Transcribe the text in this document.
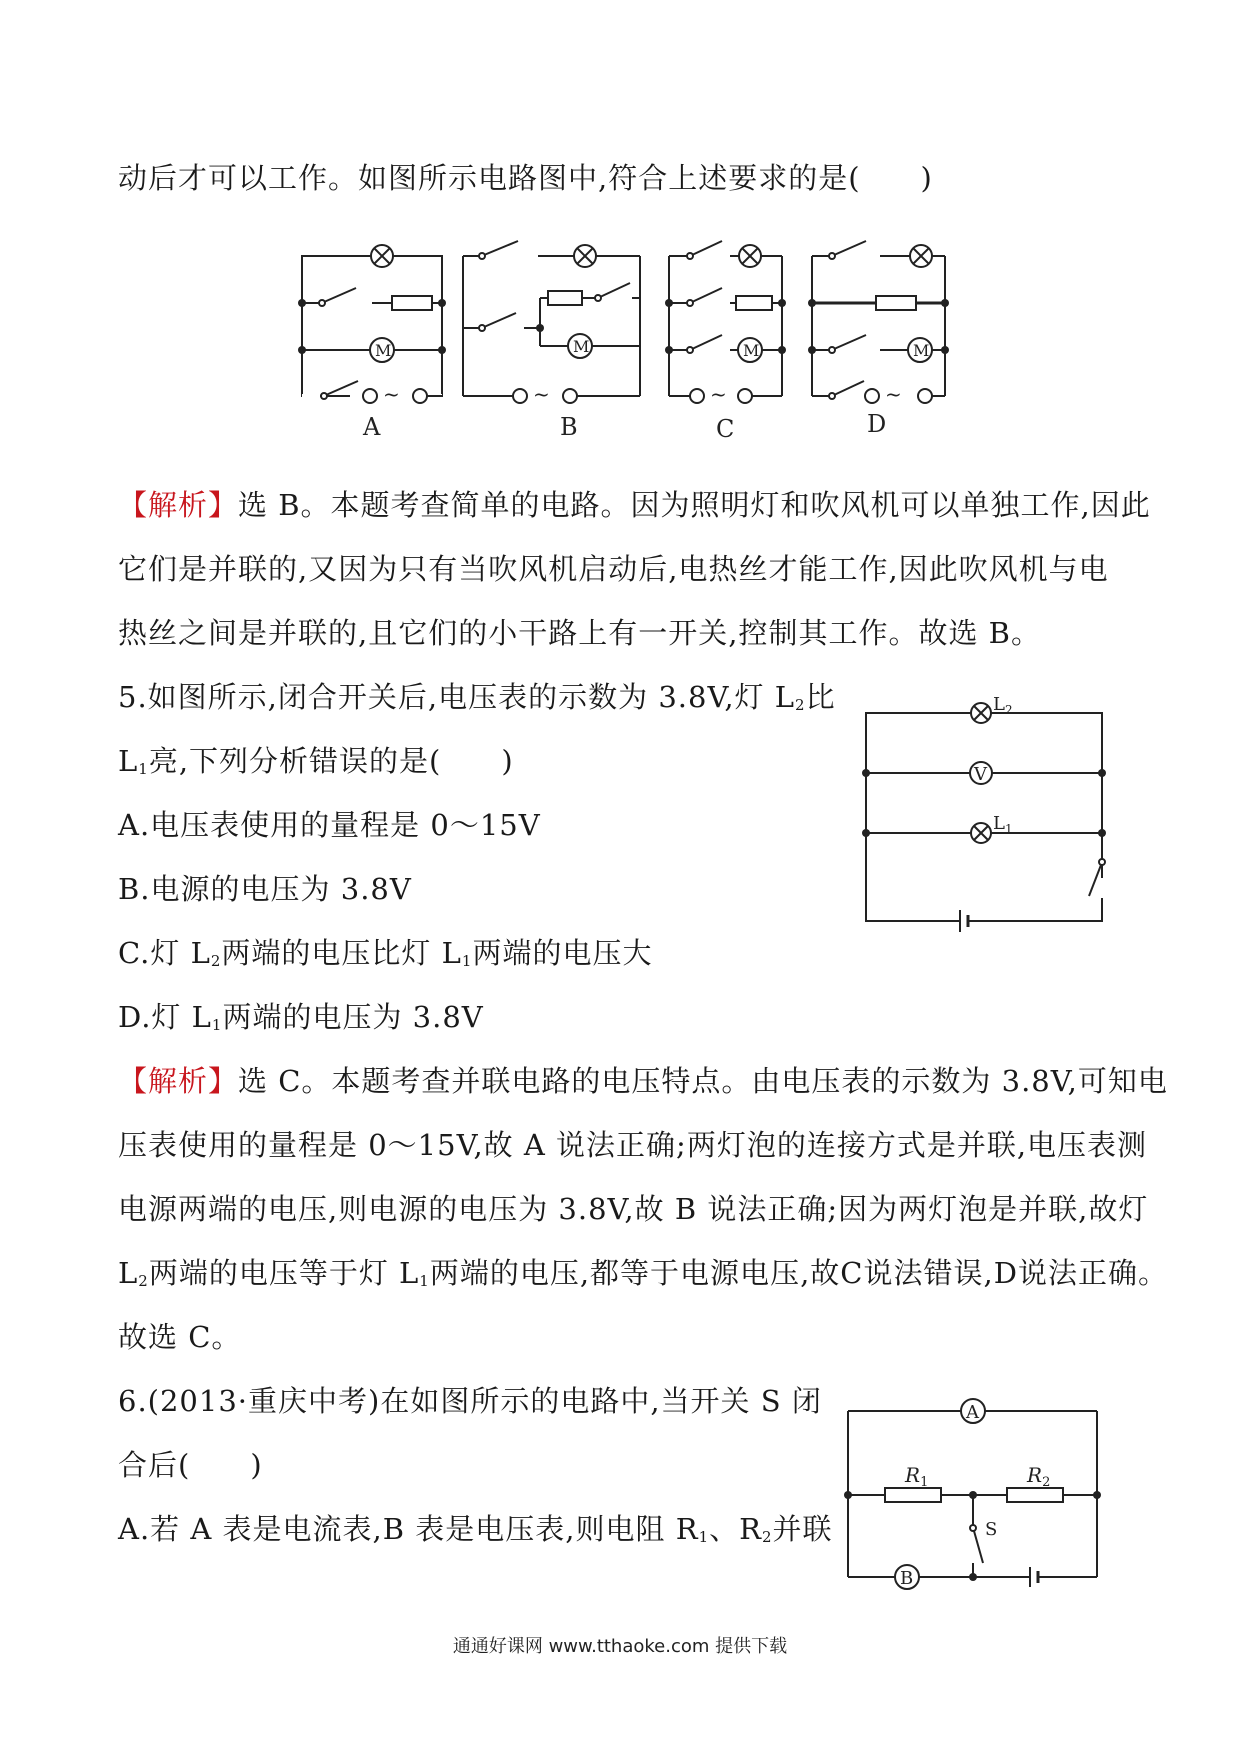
动后才可以工作。如图所示电路图中,符合上述要求的是(　　)
M
~
M
~
M
~
M
~
A	B	C	D
【解析】选 B。本题考查简单的电路。因为照明灯和吹风机可以单独工作,因此
它们是并联的,又因为只有当吹风机启动后,电热丝才能工作,因此吹风机与电
热丝之间是并联的,且它们的小干路上有一开关,控制其工作。故选 B。
5.如图所示,闭合开关后,电压表的示数为 3.8V,灯 $L_2$比
$L_1$亮,下列分析错误的是(　　)
A.电压表使用的量程是 0～15V
B.电源的电压为 3.8V
C.灯 $L_2$两端的电压比灯 $L_1$两端的电压大
D.灯 $L_1$两端的电压为 3.8V
$L_2$
V
$L_1$
【解析】选 C。本题考查并联电路的电压特点。由电压表的示数为 3.8V,可知电
压表使用的量程是 0～15V,故 A 说法正确;两灯泡的连接方式是并联,电压表测
电源两端的电压,则电源的电压为 3.8V,故 B 说法正确;因为两灯泡是并联,故灯
$L_2$两端的电压等于灯 $L_1$两端的电压,都等于电源电压,故C说法错误,D说法正确。
故选 C。
6.(2013·重庆中考)在如图所示的电路中,当开关 S 闭
合后(　　)
A.若 A 表是电流表,B 表是电压表,则电阻 $R_1$、$R_2$并联
A
$R_1$	$R_2$
S
B
通通好课网 www.tthaoke.com 提供下载
